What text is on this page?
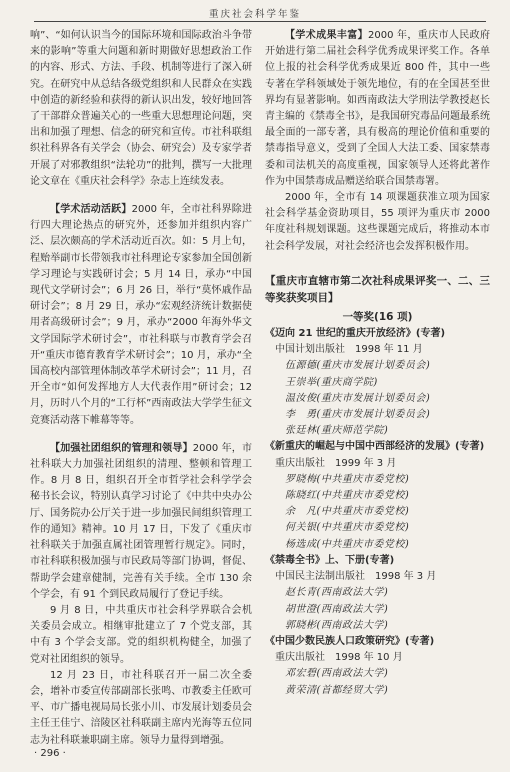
重庆社会科学年鉴

响”、“如何认识当今的国际环境和国际政治斗争带来的影响”等重大问题和新时期做好思想政治工作的内容、形式、方法、手段、机制等进行了深入研究。在研究中从总结各级党组织和人民群众在实践中创造的新经验和获得的新认识出发，较好地回答了干部群众普遍关心的一些重大思想理论问题，突出和加强了理想、信念的研究和宣传。市社科联组织社科界各有关学会（协会、研究会）及专家学者开展了对邪教组织“法轮功”的批判，撰写一大批理论文章在《重庆社会科学》杂志上连续发表。

【学术活动活跃】2000 年，全市社科界除进行四大理论热点的研究外，还参加并组织内容广泛、层次颇高的学术活动近百次。如：5 月上旬，程贻举副市长带领我市社科理论专家参加全国创新学习理论与实践研讨会；5 月 14 日，承办“中国现代文学研讨会”；6 月 26 日，举行“莫怀戚作品研讨会”；8 月 29 日，承办“宏观经济统计数据使用者高级研讨会”；9 月，承办“2000 年海外华文文学国际学术研讨会”，市社科联与市教育学会召开“重庆市德育教育学术研讨会”；10 月，承办“全国高校内部管理体制改革学术研讨会”；11 月，召开全市“如何发挥地方人大代表作用”研讨会；12 月，历时八个月的“工行杯”西南政法大学学生征文竞赛活动落下帷幕等等。

【加强社团组织的管理和领导】2000 年，市社科联大力加强社团组织的清理、整顿和管理工作。8 月 8 日，组织召开全市哲学社会科学学会秘书长会议，特别认真学习讨论了《中共中央办公厅、国务院办公厅关于进一步加强民间组织管理工作的通知》精神。10 月 17 日，下发了《重庆市社科联关于加强直属社团管理暂行规定》。同时，市社科联积极加强与市民政局等部门协调，督促、帮助学会建章健制，完善有关手续。全市 130 余个学会，有 91 个到民政局履行了登记手续。

9 月 8 日，中共重庆市社会科学界联合会机关委员会成立。相继审批建立了 7 个党支部，其中有 3 个学会支部。党的组织机构健全，加强了党对社团组织的领导。

12 月 23 日，市社科联召开一届二次全委会，增补市委宣传部副部长张鸣、市教委主任欧可平、市广播电视局局长张小川、市发展计划委员会主任王佳宁、涪陵区社科联副主席内光海等五位同志为社科联兼职副主席。领导力量得到增强。

【学术成果丰富】2000 年，重庆市人民政府开始进行第二届社会科学优秀成果评奖工作。各单位上报的社会科学优秀成果近 800 件，其中一些专著在学科领域处于领先地位，有的在全国甚至世界均有显著影响。如西南政法大学刑法学教授赵长青主编的《禁毒全书》，是我国研究毒品问题最系统最全面的一部专著，具有极高的理论价值和重要的禁毒指导意义，受到了全国人大法工委、国家禁毒委和司法机关的高度重视，国家领导人还将此著作作为中国禁毒成品赠送给联合国禁毒署。

2000 年，全市有 14 项课题获准立项为国家社会科学基金资助项目，55 项评为重庆市 2000 年度社科规划课题。这些课题完成后，将推动本市社会科学发展，对社会经济也会发挥积极作用。

【重庆市直辖市第二次社科成果评奖一、二、三等奖获奖项目】
一等奖(16 项)
《迈向 21 世纪的重庆开放经济》(专著)
中国计划出版社　1998 年 11 月
伍源德(重庆市发展计划委员会)
王崇举(重庆商学院)
温汝俊(重庆市发展计划委员会)
李　勇(重庆市发展计划委员会)
张廷林(重庆师范学院)
《新重庆的崛起与中国中西部经济的发展》(专著)
重庆出版社　1999 年 3 月
罗晓梅(中共重庆市委党校)
陈晓红(中共重庆市委党校)
余　凡(中共重庆市委党校)
何关银(中共重庆市委党校)
杨选成(中共重庆市委党校)
《禁毒全书》上、下册(专著)
中国民主法制出版社　1998 年 3 月
赵长青(西南政法大学)
胡世澄(西南政法大学)
郭晓彬(西南政法大学)
《中国少数民族人口政策研究》(专著)
重庆出版社　1998 年 10 月
邓宏碧(西南政法大学)
黄荣清(首都经贸大学)
· 296 ·
